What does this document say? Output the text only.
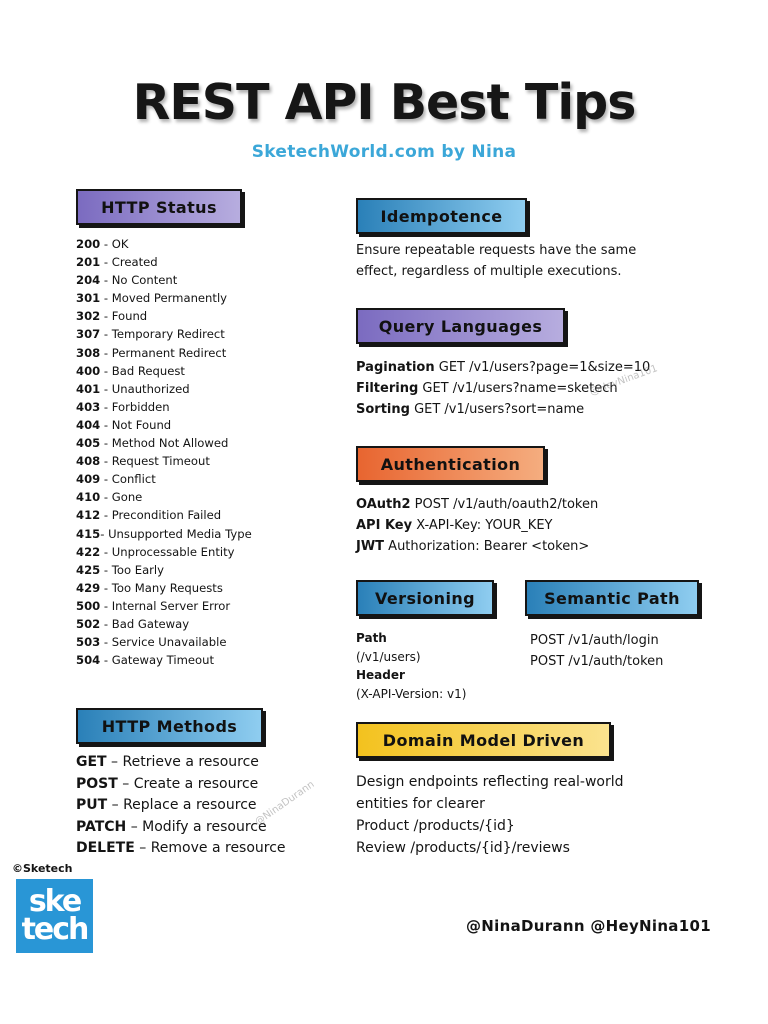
REST API Best Tips
SketechWorld.com by Nina
HTTP Status
200 - OK
201 - Created
204 - No Content
301 - Moved Permanently
302 - Found
307 - Temporary Redirect
308 - Permanent Redirect
400 - Bad Request
401 - Unauthorized
403 - Forbidden
404 - Not Found
405 - Method Not Allowed
408 - Request Timeout
409 - Conflict
410 - Gone
412 - Precondition Failed
415- Unsupported Media Type
422 - Unprocessable Entity
425 - Too Early
429 - Too Many Requests
500 - Internal Server Error
502 - Bad Gateway
503 - Service Unavailable
504 - Gateway Timeout
HTTP Methods
GET – Retrieve a resource
POST – Create a resource
PUT – Replace a resource
PATCH – Modify a resource
DELETE – Remove a resource
Idempotence
Ensure repeatable requests have the same
effect, regardless of multiple executions.
Query Languages
Pagination GET /v1/users?page=1&size=10
Filtering GET /v1/users?name=sketech
Sorting GET /v1/users?sort=name
Authentication
OAuth2 POST /v1/auth/oauth2/token
API Key X-API-Key: YOUR_KEY
JWT Authorization: Bearer <token>
Versioning
Path
(/v1/users)
Header
(X-API-Version: v1)
Semantic Path
POST /v1/auth/login
POST /v1/auth/token
Domain Model Driven
Design endpoints reflecting real-world
entities for clearer
Product /products/{id}
Review /products/{id}/reviews
@HeyNina101
@NinaDurann
©Sketech
ske
tech	@NinaDurann @HeyNina101
